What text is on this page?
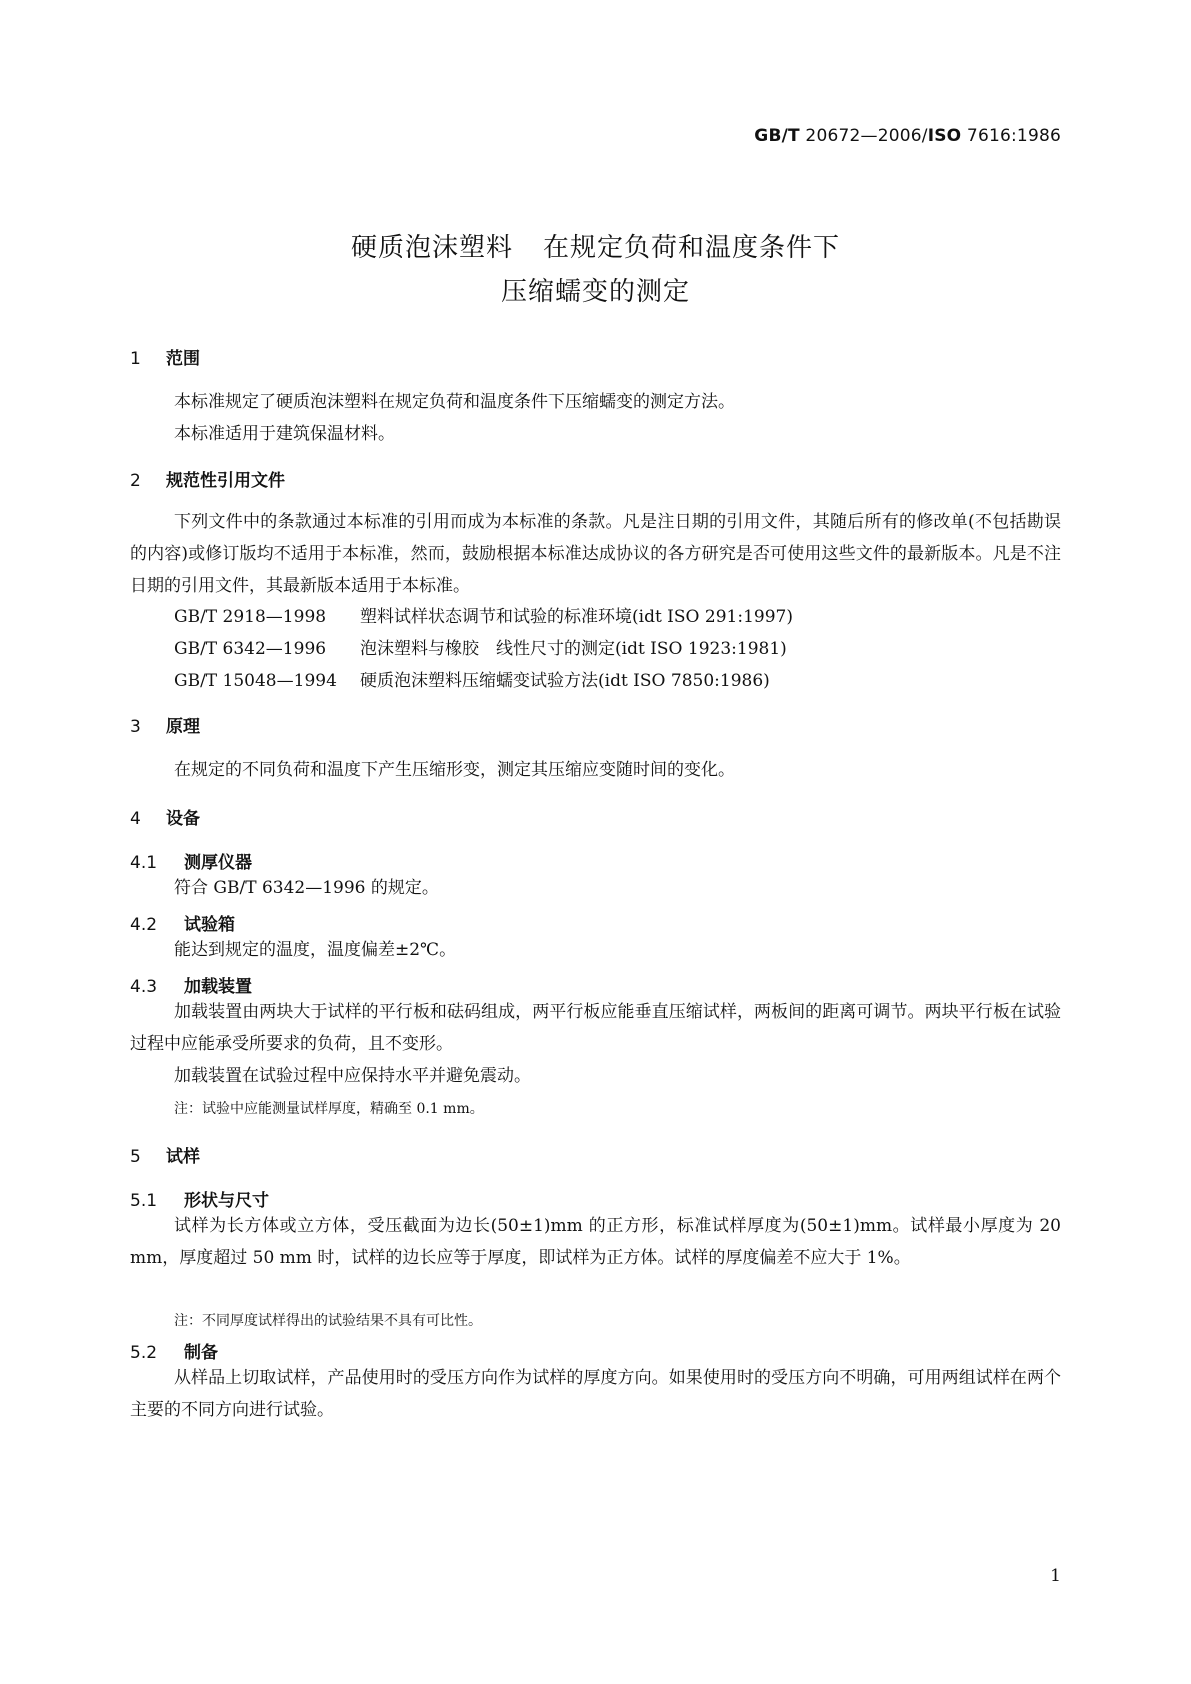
GB/T 20672—2006/ISO 7616:1986
硬质泡沫塑料 在规定负荷和温度条件下
压缩蠕变的测定
1 范围
本标准规定了硬质泡沫塑料在规定负荷和温度条件下压缩蠕变的测定方法。
本标准适用于建筑保温材料。
2 规范性引用文件
下列文件中的条款通过本标准的引用而成为本标准的条款。凡是注日期的引用文件，其随后所有的修改单(不包括勘误的内容)或修订版均不适用于本标准，然而，鼓励根据本标准达成协议的各方研究是否可使用这些文件的最新版本。凡是不注日期的引用文件，其最新版本适用于本标准。
GB/T 2918—1998 塑料试样状态调节和试验的标准环境(idt ISO 291:1997)
GB/T 6342—1996 泡沫塑料与橡胶　线性尺寸的测定(idt ISO 1923:1981)
GB/T 15048—1994 硬质泡沫塑料压缩蠕变试验方法(idt ISO 7850:1986)
3 原理
在规定的不同负荷和温度下产生压缩形变，测定其压缩应变随时间的变化。
4 设备
4.1 测厚仪器
符合 GB/T 6342—1996 的规定。
4.2 试验箱
能达到规定的温度，温度偏差±2℃。
4.3 加载装置
加载装置由两块大于试样的平行板和砝码组成，两平行板应能垂直压缩试样，两板间的距离可调节。两块平行板在试验过程中应能承受所要求的负荷，且不变形。
加载装置在试验过程中应保持水平并避免震动。
注：试验中应能测量试样厚度，精确至 0.1 mm。
5 试样
5.1 形状与尺寸
试样为长方体或立方体，受压截面为边长(50±1)mm 的正方形，标准试样厚度为(50±1)mm。试样最小厚度为 20 mm，厚度超过 50 mm 时，试样的边长应等于厚度，即试样为正方体。试样的厚度偏差不应大于 1%。
注：不同厚度试样得出的试验结果不具有可比性。
5.2 制备
从样品上切取试样，产品使用时的受压方向作为试样的厚度方向。如果使用时的受压方向不明确，可用两组试样在两个主要的不同方向进行试验。
1
